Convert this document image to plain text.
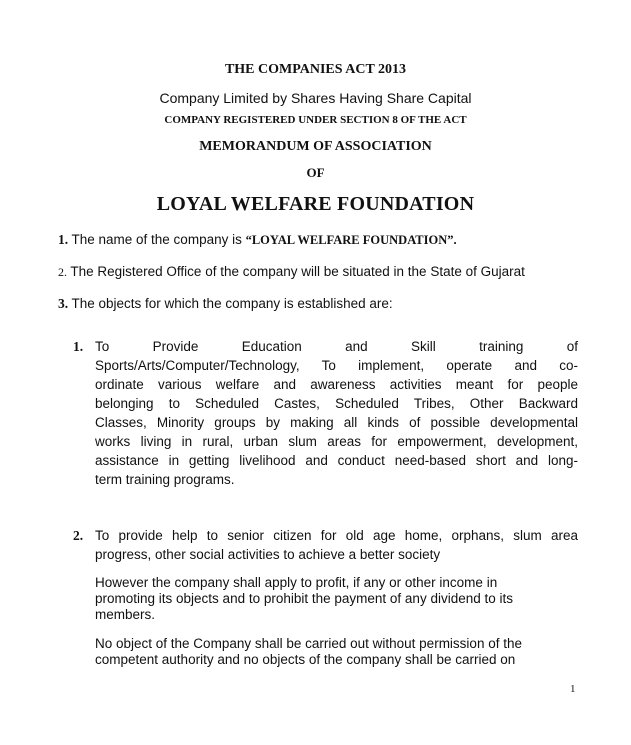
THE COMPANIES ACT 2013
Company Limited by Shares Having Share Capital
COMPANY REGISTERED UNDER SECTION 8 OF THE ACT
MEMORANDUM OF ASSOCIATION
OF
LOYAL WELFARE FOUNDATION
1. The name of the company is “LOYAL WELFARE FOUNDATION”.
2. The Registered Office of the company will be situated in the State of Gujarat
3. The objects for which the company is established are:
1. To Provide Education and Skill training of
Sports/Arts/Computer/Technology, To implement, operate and co-
ordinate various welfare and awareness activities meant for people
belonging to Scheduled Castes, Scheduled Tribes, Other Backward
Classes, Minority groups by making all kinds of possible developmental
works living in rural, urban slum areas for empowerment, development,
assistance in getting livelihood and conduct need-based short and long-
term training programs.
2. To provide help to senior citizen for old age home, orphans, slum area
progress, other social activities to achieve a better society
However the company shall apply to profit, if any or other income in
promoting its objects and to prohibit the payment of any dividend to its
members.
No object of the Company shall be carried out without permission of the
competent authority and no objects of the company shall be carried on
1
